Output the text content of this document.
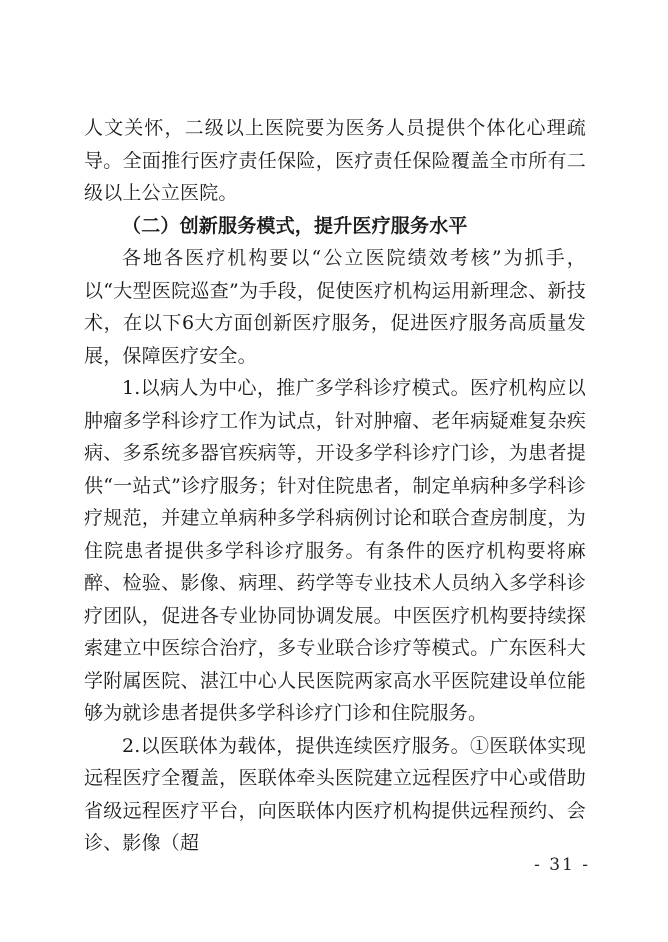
人文关怀，二级以上医院要为医务人员提供个体化心理疏导。全面推行医疗责任保险，医疗责任保险覆盖全市所有二级以上公立医院。

（二）创新服务模式，提升医疗服务水平

各地各医疗机构要以“公立医院绩效考核”为抓手，以“大型医院巡查”为手段，促使医疗机构运用新理念、新技术，在以下6大方面创新医疗服务，促进医疗服务高质量发展，保障医疗安全。

1.以病人为中心，推广多学科诊疗模式。医疗机构应以肿瘤多学科诊疗工作为试点，针对肿瘤、老年病疑难复杂疾病、多系统多器官疾病等，开设多学科诊疗门诊，为患者提供“一站式”诊疗服务；针对住院患者，制定单病种多学科诊疗规范，并建立单病种多学科病例讨论和联合查房制度，为住院患者提供多学科诊疗服务。有条件的医疗机构要将麻醉、检验、影像、病理、药学等专业技术人员纳入多学科诊疗团队，促进各专业协同协调发展。中医医疗机构要持续探索建立中医综合治疗，多专业联合诊疗等模式。广东医科大学附属医院、湛江中心人民医院两家高水平医院建设单位能够为就诊患者提供多学科诊疗门诊和住院服务。

2.以医联体为载体，提供连续医疗服务。①医联体实现远程医疗全覆盖，医联体牵头医院建立远程医疗中心或借助省级远程医疗平台，向医联体内医疗机构提供远程预约、会诊、影像（超

- 31 -
